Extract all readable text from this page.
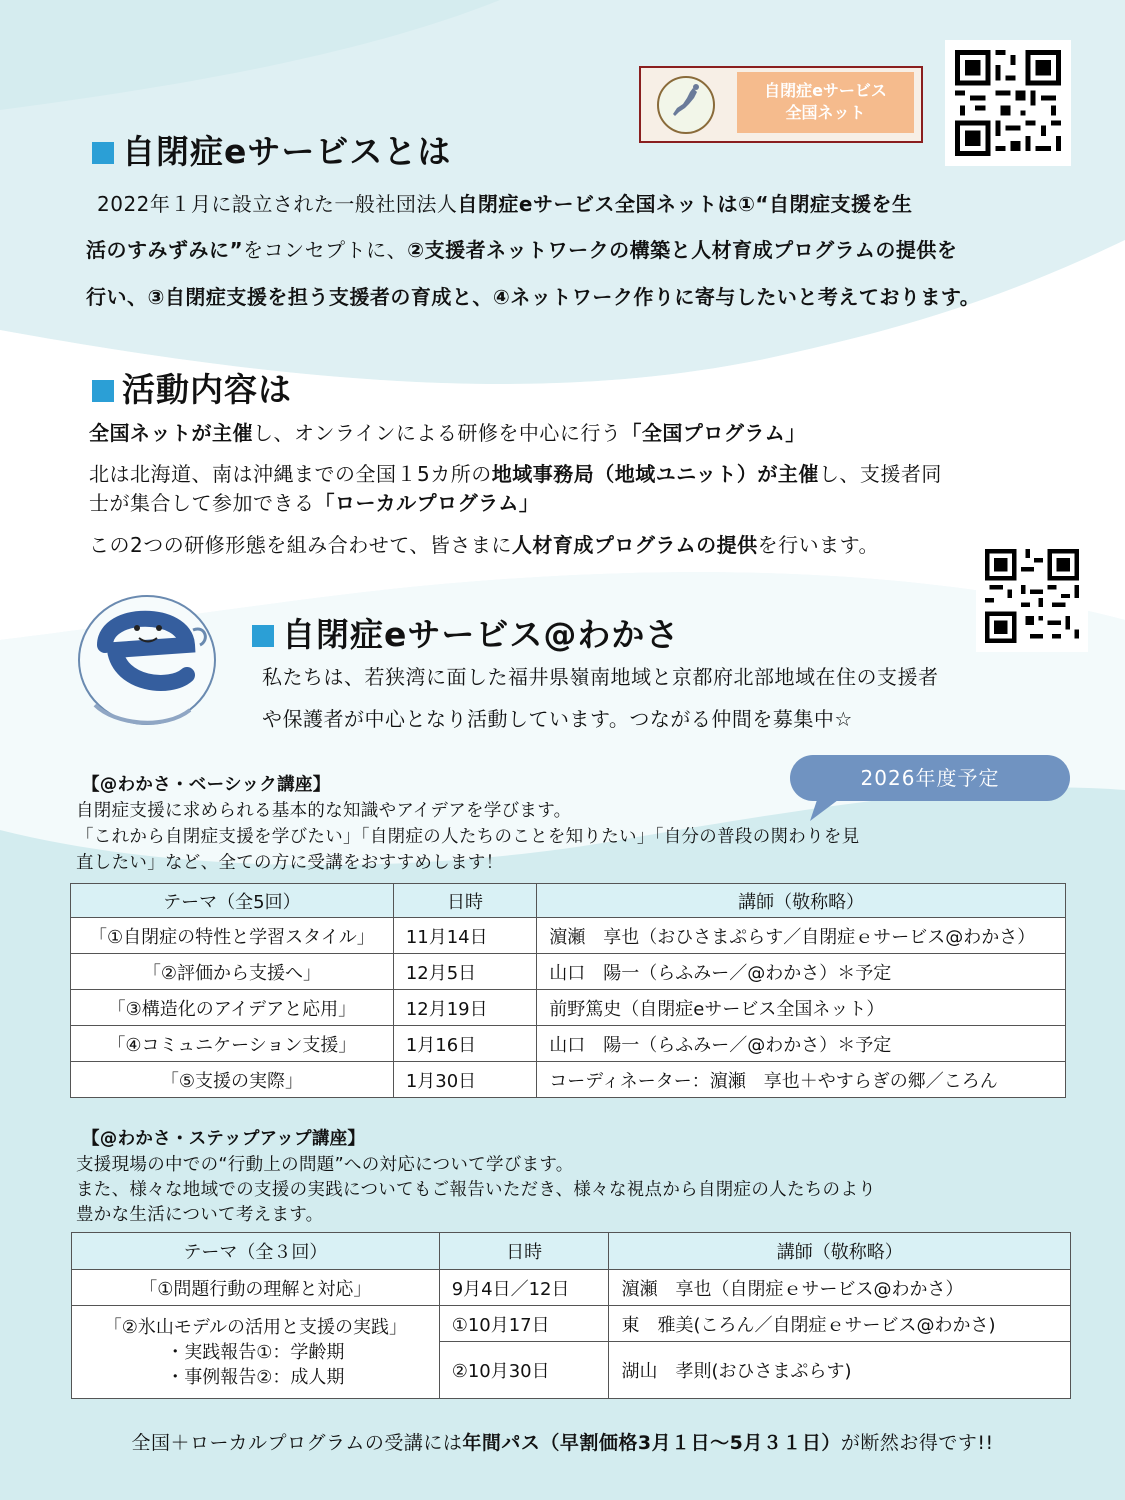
自閉症eサービス
全国ネット
自閉症eサービスとは
2022年１月に設立された一般社団法人自閉症eサービス全国ネットは①“自閉症支援を生
活のすみずみに”をコンセプトに、②支援者ネットワークの構築と人材育成プログラムの提供を
行い、③自閉症支援を担う支援者の育成と、④ネットワーク作りに寄与したいと考えております。
活動内容は
全国ネットが主催し、オンラインによる研修を中心に行う「全国プログラム」
北は北海道、南は沖縄までの全国１5カ所の地域事務局（地域ユニット）が主催し、支援者同
士が集合して参加できる「ローカルプログラム」
この2つの研修形態を組み合わせて、皆さまに人材育成プログラムの提供を行います。
自閉症eサービス@わかさ
私たちは、若狭湾に面した福井県嶺南地域と京都府北部地域在住の支援者
や保護者が中心となり活動しています。つながる仲間を募集中☆
2026年度予定
【@わかさ・ベーシック講座】
自閉症支援に求められる基本的な知識やアイデアを学びます。
「これから自閉症支援を学びたい」「自閉症の人たちのことを知りたい」「自分の普段の関わりを見
直したい」など、全ての方に受講をおすすめします！
テーマ（全5回）	日時	講師（敬称略）
「①自閉症の特性と学習スタイル」	11月14日	濵瀬　享也（おひさまぷらす／自閉症ｅサービス@わかさ）
「②評価から支援へ」	12月5日	山口　陽一（らふみー／@わかさ）＊予定
「③構造化のアイデアと応用」	12月19日	前野篤史（自閉症eサービス全国ネット）
「④コミュニケーション支援」	1月16日	山口　陽一（らふみー／@わかさ）＊予定
「⑤支援の実際」	1月30日	コーディネーター：濵瀬　享也＋やすらぎの郷／ころん
【@わかさ・ステップアップ講座】
支援現場の中での“行動上の問題”への対応について学びます。
また、様々な地域での支援の実践についてもご報告いただき、様々な視点から自閉症の人たちのより
豊かな生活について考えます。
テーマ（全３回）	日時	講師（敬称略）
「①問題行動の理解と対応」	9月4日／12日	濵瀬　享也（自閉症ｅサービス@わかさ）

「②氷山モデルの活用と支援の実践」
・実践報告①：学齢期
・事例報告②：成人期	①10月17日	東　雅美(ころん／自閉症ｅサービス@わかさ)
	②10月30日	湖山　孝則(おひさまぷらす)
全国＋ローカルプログラムの受講には年間パス（早割価格3月１日～5月３１日）が断然お得です!!
